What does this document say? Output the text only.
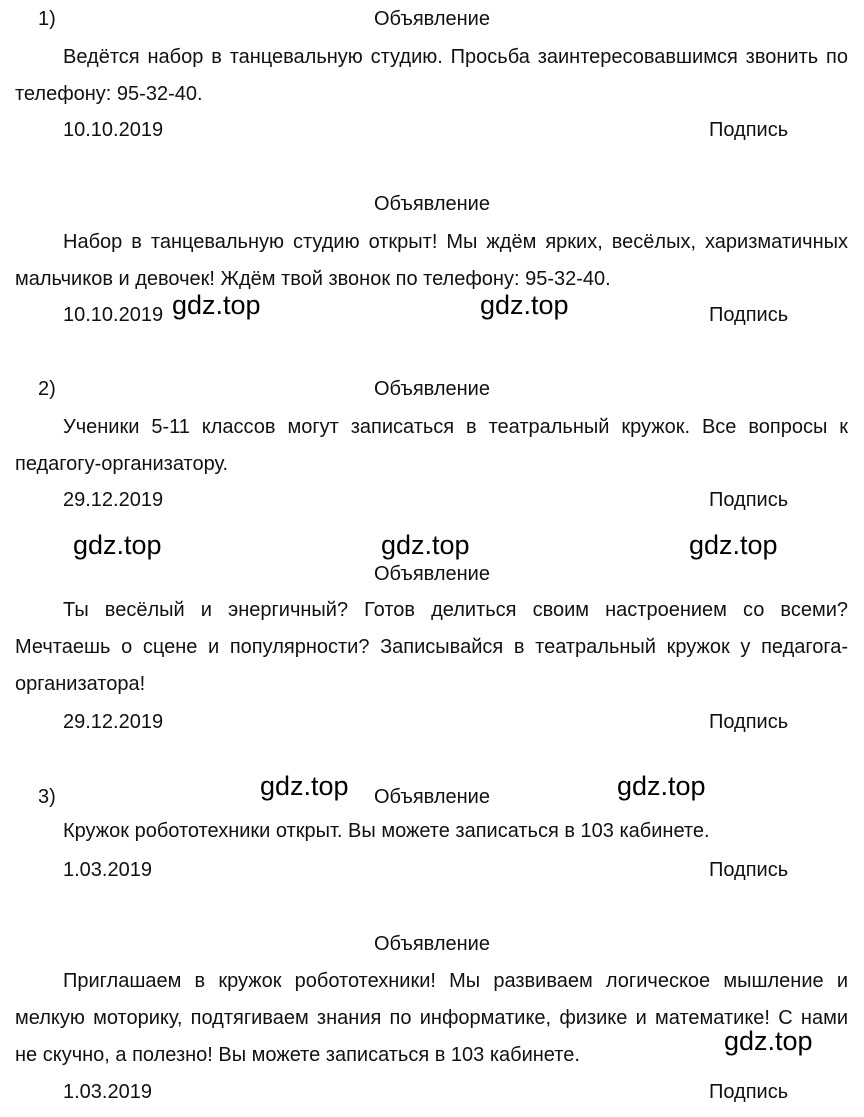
1)	Объявление
Ведётся набор в танцевальную студию. Просьба заинтересовавшимся звонить по телефону: 95-32-40.
10.10.2019	Подпись
Объявление
Набор в танцевальную студию открыт! Мы ждём ярких, весёлых, харизматичных мальчиков и девочек! Ждём твой звонок по телефону: 95-32-40.
10.10.2019	Подпись
2)	Объявление
Ученики 5-11 классов могут записаться в театральный кружок. Все вопросы к педагогу-организатору.
29.12.2019	Подпись
Объявление
Ты весёлый и энергичный? Готов делиться своим настроением со всеми? Мечтаешь о сцене и популярности? Записывайся в театральный кружок у педагога-организатора!
29.12.2019	Подпись
3)	Объявление
Кружок робототехники открыт. Вы можете записаться в 103 кабинете.
1.03.2019	Подпись
Объявление
Приглашаем в кружок робототехники! Мы развиваем логическое мышление и мелкую моторику, подтягиваем знания по информатике, физике и математике! С нами не скучно, а полезно! Вы можете записаться в 103 кабинете.
1.03.2019	Подпись
gdz.top	gdz.top
gdz.top	gdz.top	gdz.top
gdz.top	gdz.top
gdz.top
